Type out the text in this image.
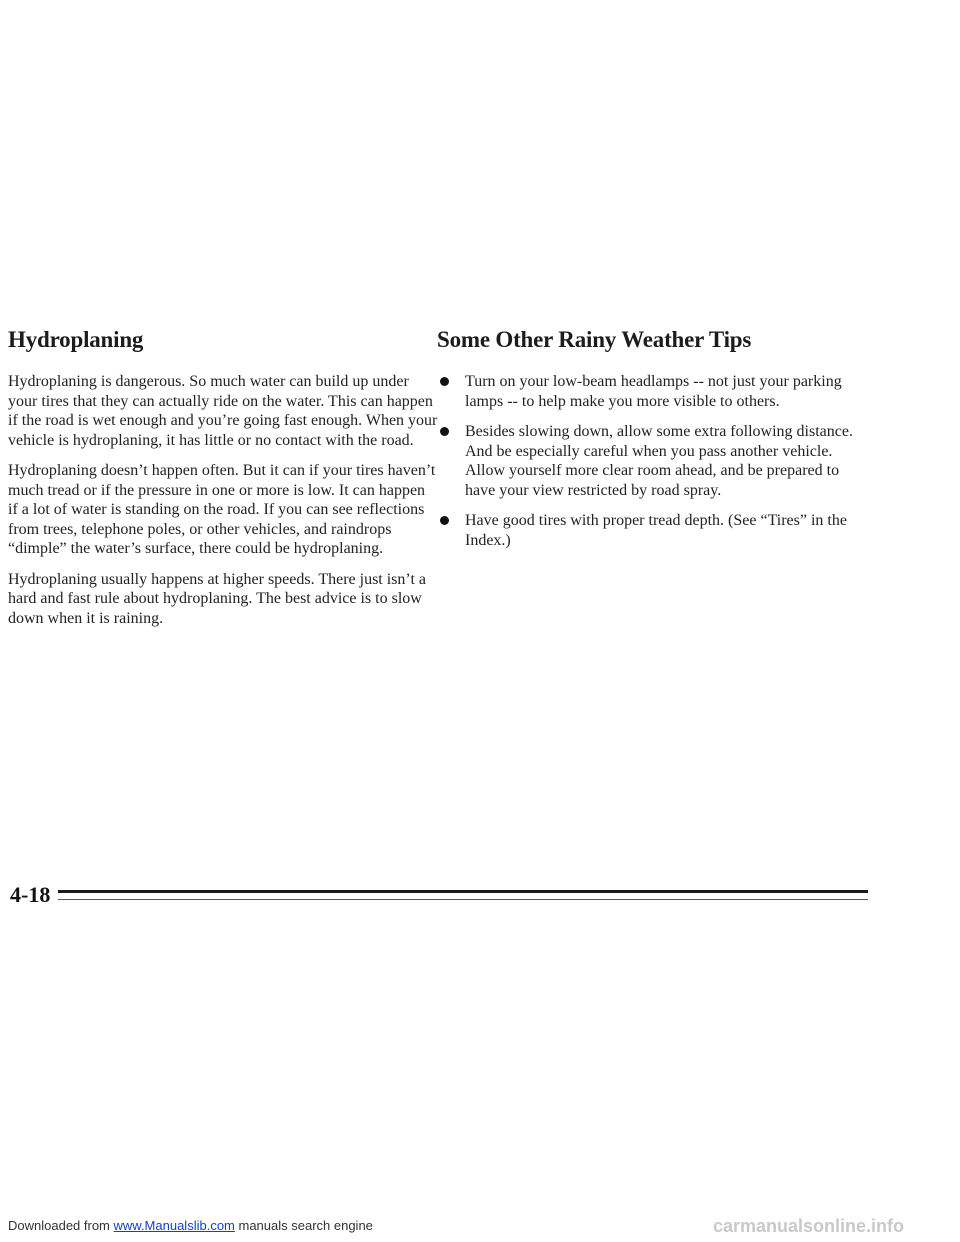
Hydroplaning

Hydroplaning is dangerous. So much water can build up under your tires that they can actually ride on the water. This can happen if the road is wet enough and you’re going fast enough. When your vehicle is hydroplaning, it has little or no contact with the road.

Hydroplaning doesn’t happen often. But it can if your tires haven’t much tread or if the pressure in one or more is low. It can happen if a lot of water is standing on the road. If you can see reflections from trees, telephone poles, or other vehicles, and raindrops “dimple” the water’s surface, there could be hydroplaning.

Hydroplaning usually happens at higher speeds. There just isn’t a hard and fast rule about hydroplaning. The best advice is to slow down when it is raining.

Some Other Rainy Weather Tips
Turn on your low-beam headlamps -- not just your parking lamps -- to help make you more visible to others.
Besides slowing down, allow some extra following distance. And be especially careful when you pass another vehicle. Allow yourself more clear room ahead, and be prepared to have your view restricted by road spray.
Have good tires with proper tread depth. (See “Tires” in the Index.)
4-18
Downloaded from www.Manualslib.com manuals search engine	carmanualsonline.info
